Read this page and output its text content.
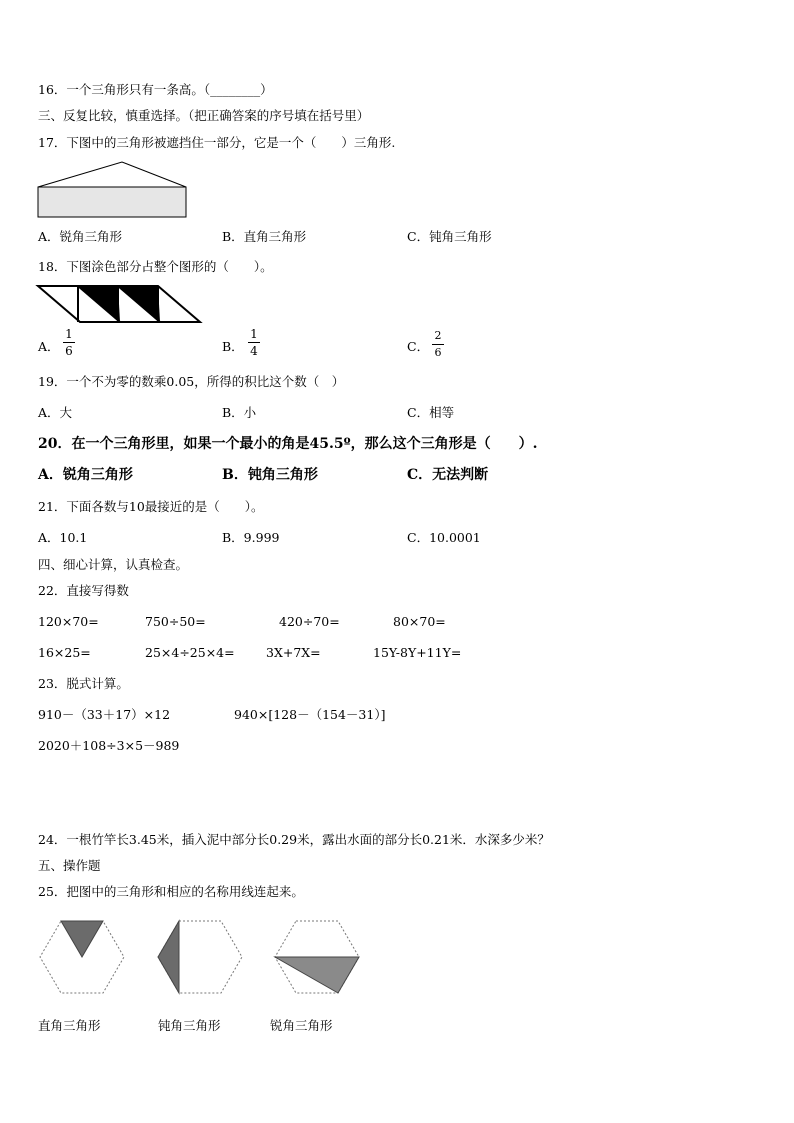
16．一个三角形只有一条高。（________）
三、反复比较，慎重选择。（把正确答案的序号填在括号里）
17．下图中的三角形被遮挡住一部分，它是一个（　　）三角形.
A．锐角三角形	B．直角三角形	C．钝角三角形
18．下图涂色部分占整个图形的（　　）。
A．
1
6	B．
1
4	C．
2
6
19．一个不为零的数乘0.05，所得的积比这个数（　）
A．大	B．小	C．相等
20．在一个三角形里，如果一个最小的角是45.5º，那么这个三角形是（　　）.
A．锐角三角形	B．钝角三角形	C．无法判断
21．下面各数与10最接近的是（　　）。
A．10.1	B．9.999	C．10.0001
四、细心计算，认真检查。
22．直接写得数
120×70=	750÷50=	420÷70=	80×70=
16×25=	25×4÷25×4=	3X+7X=	15Y-8Y+11Y=
23．脱式计算。
910－（33＋17）×12	940×[128－（154－31）]
2020＋108÷3×5－989
24．一根竹竿长3.45米，插入泥中部分长0.29米，露出水面的部分长0.21米．水深多少米？
五、操作题
25．把图中的三角形和相应的名称用线连起来。
直角三角形	钝角三角形	锐角三角形
